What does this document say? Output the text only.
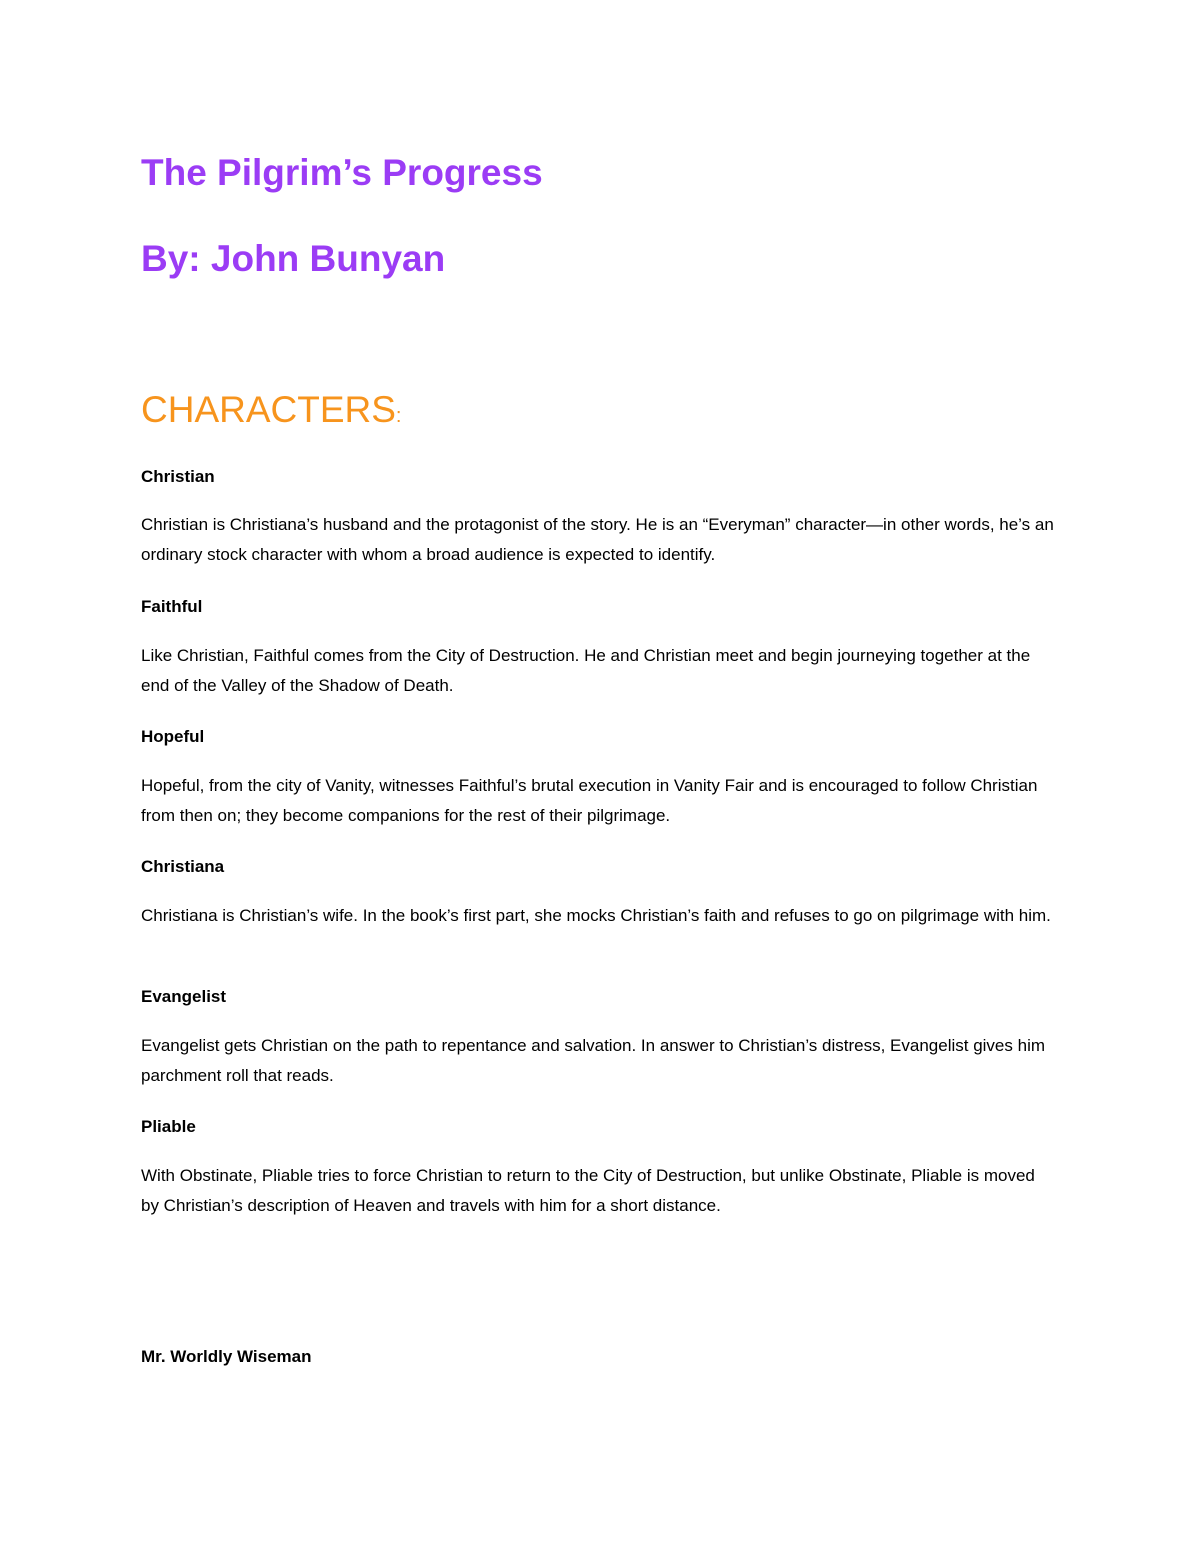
The Pilgrim’s Progress
By: John Bunyan
CHARACTERS:
Christian

Christian is Christiana’s husband and the protagonist of the story. He is an “Everyman” character—in other words, he’s an ordinary stock character with whom a broad audience is expected to identify.

Faithful

Like Christian, Faithful comes from the City of Destruction. He and Christian meet and begin journeying together at the end of the Valley of the Shadow of Death.

Hopeful

Hopeful, from the city of Vanity, witnesses Faithful’s brutal execution in Vanity Fair and is encouraged to follow Christian from then on; they become companions for the rest of their pilgrimage.

Christiana

Christiana is Christian’s wife. In the book’s first part, she mocks Christian’s faith and refuses to go on pilgrimage with him.

Evangelist

Evangelist gets Christian on the path to repentance and salvation. In answer to Christian’s distress, Evangelist gives him parchment roll that reads.

Pliable

With Obstinate, Pliable tries to force Christian to return to the City of Destruction, but unlike Obstinate, Pliable is moved by Christian’s description of Heaven and travels with him for a short distance.

Mr. Worldly Wiseman
